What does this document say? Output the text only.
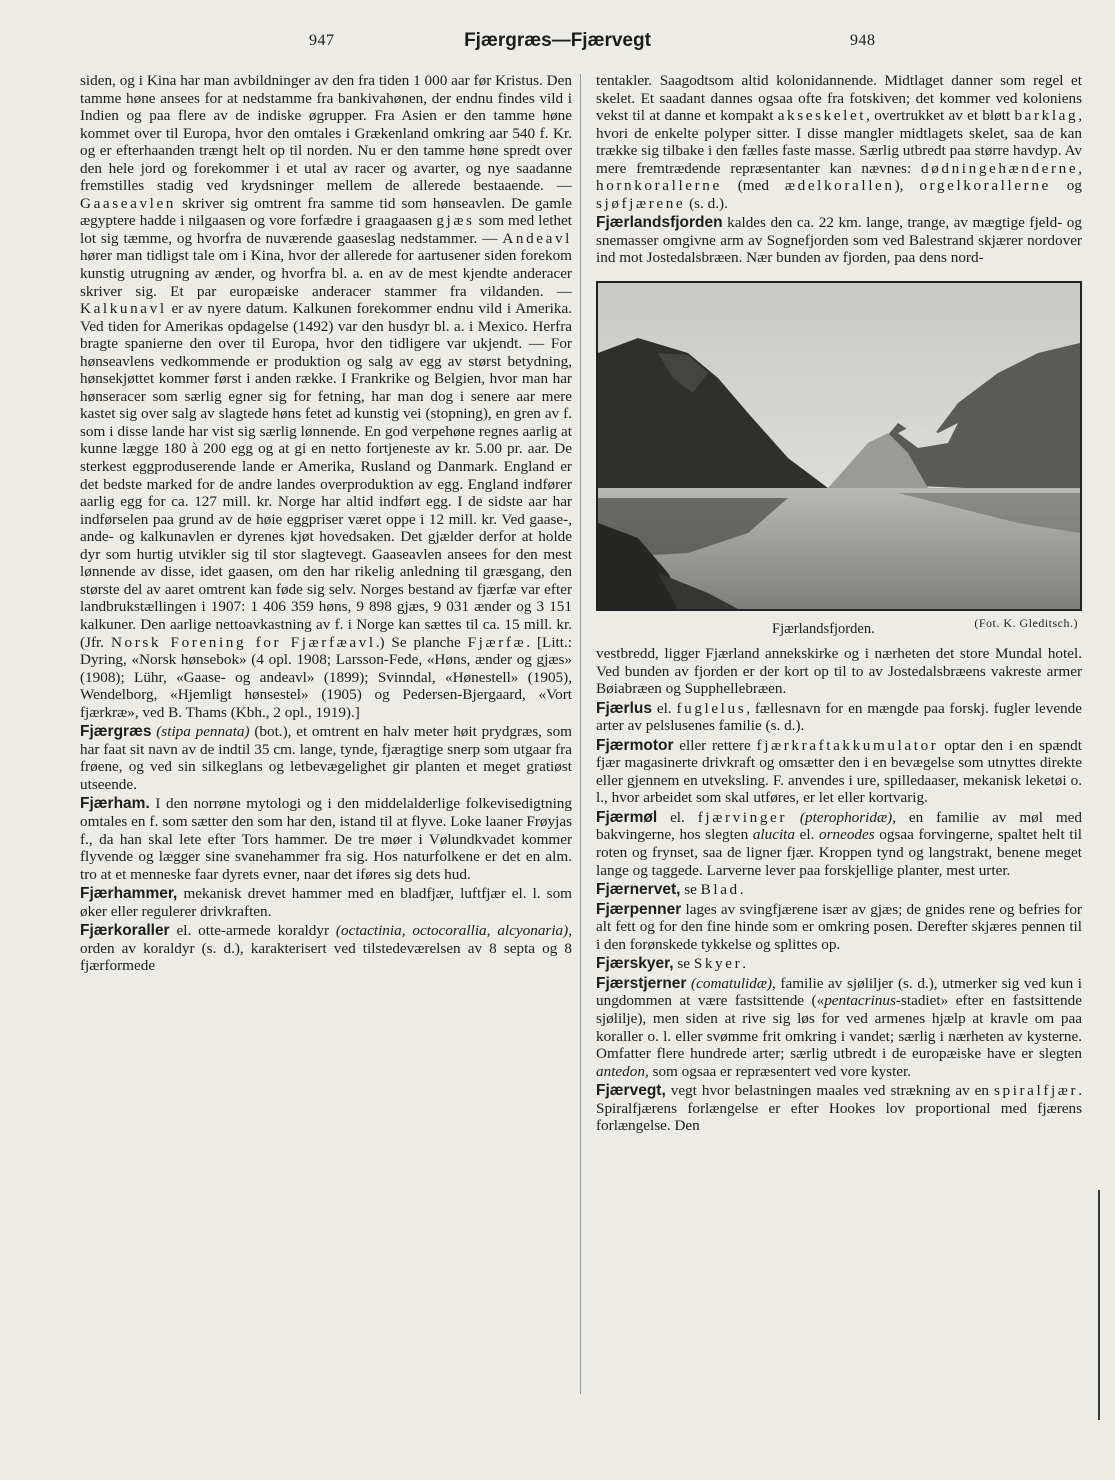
947	Fjærgræs—Fjærvegt	948

siden, og i Kina har man avbildninger av den fra tiden 1 000 aar før Kristus. Den tamme høne ansees for at nedstamme fra bankivahønen, der endnu findes vild i Indien og paa flere av de indiske øgrupper. Fra Asien er den tamme høne kommet over til Europa, hvor den omtales i Grækenland omkring aar 540 f. Kr. og er efterhaanden trængt helt op til norden. Nu er den tamme høne spredt over den hele jord og forekommer i et utal av racer og avarter, og nye saadanne fremstilles stadig ved krydsninger mellem de allerede bestaaende. — Gaaseavlen skriver sig omtrent fra samme tid som hønseavlen. De gamle ægyptere hadde i nilgaasen og vore forfædre i graagaasen gjæs som med lethet lot sig tæmme, og hvorfra de nuværende gaaseslag nedstammer. — Andeavl hører man tidligst tale om i Kina, hvor der allerede for aartusener siden forekom kunstig utrugning av ænder, og hvorfra bl. a. en av de mest kjendte anderacer skriver sig. Et par europæiske anderacer stammer fra vildanden. — Kalkunavl er av nyere datum. Kalkunen forekommer endnu vild i Amerika. Ved tiden for Amerikas opdagelse (1492) var den husdyr bl. a. i Mexico. Herfra bragte spanierne den over til Europa, hvor den tidligere var ukjendt. — For hønseavlens vedkommende er produktion og salg av egg av størst betydning, hønsekjøttet kommer først i anden række. I Frankrike og Belgien, hvor man har hønseracer som særlig egner sig for fetning, har man dog i senere aar mere kastet sig over salg av slagtede høns fetet ad kunstig vei (stopning), en gren av f. som i disse lande har vist sig særlig lønnende. En god verpehøne regnes aarlig at kunne lægge 180 à 200 egg og at gi en netto fortjeneste av kr. 5.00 pr. aar. De sterkest eggproduserende lande er Amerika, Rusland og Danmark. England er det bedste marked for de andre landes overproduktion av egg. England indfører aarlig egg for ca. 127 mill. kr. Norge har altid indført egg. I de sidste aar har indførselen paa grund av de høie eggpriser været oppe i 12 mill. kr. Ved gaase-, ande- og kalkunavlen er dyrenes kjøt hovedsaken. Det gjælder derfor at holde dyr som hurtig utvikler sig til stor slagtevegt. Gaaseavlen ansees for den mest lønnende av disse, idet gaasen, om den har rikelig anledning til græsgang, den største del av aaret omtrent kan føde sig selv. Norges bestand av fjærfæ var efter landbrukstællingen i 1907: 1 406 359 høns, 9 898 gjæs, 9 031 ænder og 3 151 kalkuner. Den aarlige nettoavkastning av f. i Norge kan sættes til ca. 15 mill. kr. (Jfr. Norsk Forening for Fjærfæavl.) Se planche Fjærfæ. [Litt.: Dyring, «Norsk hønsebok» (4 opl. 1908; Larsson-Fede, «Høns, ænder og gjæs» (1908); Lühr, «Gaase- og andeavl» (1899); Svinndal, «Hønestell» (1905), Wendelborg, «Hjemligt hønsestel» (1905) og Pedersen-Bjergaard, «Vort fjærkræ», ved B. Thams (Kbh., 2 opl., 1919).]

Fjærgræs (stipa pennata) (bot.), et omtrent en halv meter høit prydgræs, som har faat sit navn av de indtil 35 cm. lange, tynde, fjæragtige snerp som utgaar fra frøene, og ved sin silkeglans og letbevægelighet gir planten et meget gratiøst utseende.

Fjærham. I den norrøne mytologi og i den middelalderlige folkevisedigtning omtales en f. som sætter den som har den, istand til at flyve. Loke laaner Frøyjas f., da han skal lete efter Tors hammer. De tre møer i Vølundkvadet kommer flyvende og lægger sine svanehammer fra sig. Hos naturfolkene er det en alm. tro at et menneske faar dyrets evner, naar det iføres sig dets hud.

Fjærhammer, mekanisk drevet hammer med en bladfjær, luftfjær el. l. som øker eller regulerer drivkraften.

Fjærkoraller el. otte-armede koraldyr (octactinia, octocorallia, alcyonaria), orden av koraldyr (s. d.), karakterisert ved tilstedeværelsen av 8 septa og 8 fjærformede

tentakler. Saagodtsom altid kolonidannende. Midtlaget danner som regel et skelet. Et saadant dannes ogsaa ofte fra fotskiven; det kommer ved koloniens vekst til at danne et kompakt akseskelet, overtrukket av et bløtt barklag, hvori de enkelte polyper sitter. I disse mangler midtlagets skelet, saa de kan trække sig tilbake i den fælles faste masse. Særlig utbredt paa større havdyp. Av mere fremtrædende repræsentanter kan nævnes: dødningehænderne, hornkorallerne (med ædelkorallen), orgelkorallerne og sjøfjærene (s. d.).

Fjærlandsfjorden kaldes den ca. 22 km. lange, trange, av mægtige fjeld- og snemasser omgivne arm av Sognefjorden som ved Balestrand skjærer nordover ind mot Jostedalsbræen. Nær bunden av fjorden, paa dens nord-

Fjærlandsfjorden.	(Fot. K. Gleditsch.)

vestbredd, ligger Fjærland annekskirke og i nærheten det store Mundal hotel. Ved bunden av fjorden er der kort op til to av Jostedalsbræens vakreste armer Bøiabræen og Supphellebræen.

Fjærlus el. fuglelus, fællesnavn for en mængde paa forskj. fugler levende arter av pelslusenes familie (s. d.).

Fjærmotor eller rettere fjærkraftakkumulator optar den i en spændt fjær magasinerte drivkraft og omsætter den i en bevægelse som utnyttes direkte eller gjennem en utveksling. F. anvendes i ure, spilledaaser, mekanisk leketøi o. l., hvor arbeidet som skal utføres, er let eller kortvarig.

Fjærmøl el. fjærvinger (pterophoridæ), en familie av møl med bakvingerne, hos slegten alucita el. orneodes ogsaa forvingerne, spaltet helt til roten og frynset, saa de ligner fjær. Kroppen tynd og langstrakt, benene meget lange og taggede. Larverne lever paa forskjellige planter, mest urter.

Fjærnervet, se Blad.

Fjærpenner lages av svingfjærene især av gjæs; de gnides rene og befries for alt fett og for den fine hinde som er omkring posen. Derefter skjæres pennen til i den forønskede tykkelse og splittes op.

Fjærskyer, se Skyer.

Fjærstjerner (comatulidæ), familie av sjøliljer (s. d.), utmerker sig ved kun i ungdommen at være fastsittende («pentacrinus-stadiet» efter en fastsittende sjølilje), men siden at rive sig løs for ved armenes hjælp at kravle om paa koraller o. l. eller svømme frit omkring i vandet; særlig i nærheten av kysterne. Omfatter flere hundrede arter; særlig utbredt i de europæiske have er slegten antedon, som ogsaa er repræsentert ved vore kyster.

Fjærvegt, vegt hvor belastningen maales ved strækning av en spiralfjær. Spiralfjærens forlængelse er efter Hookes lov proportional med fjærens forlængelse. Den
